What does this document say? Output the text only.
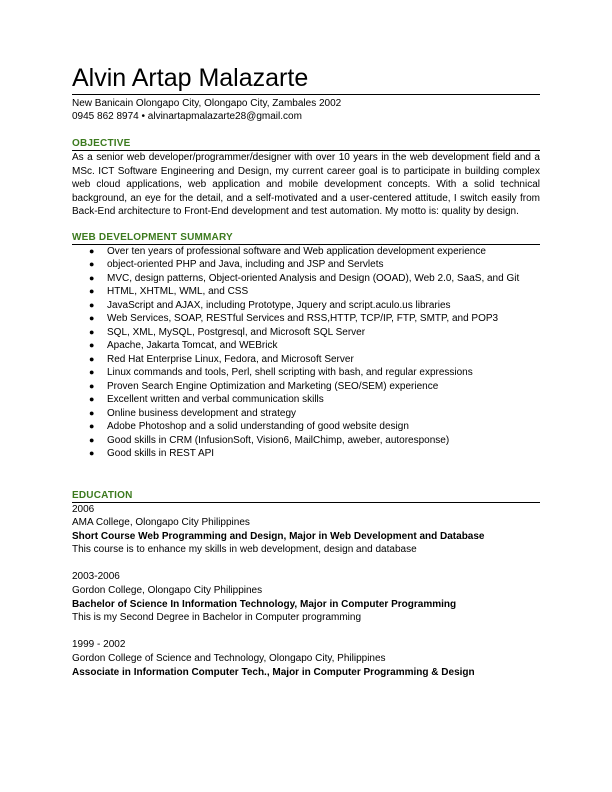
Alvin Artap Malazarte
New Banicain Olongapo City, Olongapo City, Zambales 2002
0945 862 8974 • alvinartapmalazarte28@gmail.com
OBJECTIVE
As a senior web developer/programmer/designer with over 10 years in the web development field and a MSc. ICT Software Engineering and Design, my current career goal is to participate in building complex web cloud applications, web application and mobile development concepts. With a solid technical background, an eye for the detail, and a self-motivated and a user-centered attitude, I switch easily from Back-End architecture to Front-End development and test automation. My motto is: quality by design.
WEB DEVELOPMENT SUMMARY
● Over ten years of professional software and Web application development experience
● object-oriented PHP and Java, including and JSP and Servlets
● MVC, design patterns, Object-oriented Analysis and Design (OOAD), Web 2.0, SaaS, and Git
● HTML, XHTML, WML, and CSS
● JavaScript and AJAX, including Prototype, Jquery and script.aculo.us libraries
● Web Services, SOAP, RESTful Services and RSS,HTTP, TCP/IP, FTP, SMTP, and POP3
● SQL, XML, MySQL, Postgresql, and Microsoft SQL Server
● Apache, Jakarta Tomcat, and WEBrick
● Red Hat Enterprise Linux, Fedora, and Microsoft Server
● Linux commands and tools, Perl, shell scripting with bash, and regular expressions
● Proven Search Engine Optimization and Marketing (SEO/SEM) experience
● Excellent written and verbal communication skills
● Online business development and strategy
● Adobe Photoshop and a solid understanding of good website design
● Good skills in CRM (InfusionSoft, Vision6, MailChimp, aweber, autoresponse)
● Good skills in REST API
EDUCATION
2006
AMA College, Olongapo City Philippines
Short Course Web Programming and Design, Major in Web Development and Database
This course is to enhance my skills in web development, design and database
2003-2006
Gordon College, Olongapo City Philippines
Bachelor of Science In Information Technology, Major in Computer Programming
This is my Second Degree in Bachelor in Computer programming
1999 - 2002
Gordon College of Science and Technology, Olongapo City, Philippines
Associate in Information Computer Tech., Major in Computer Programming & Design
